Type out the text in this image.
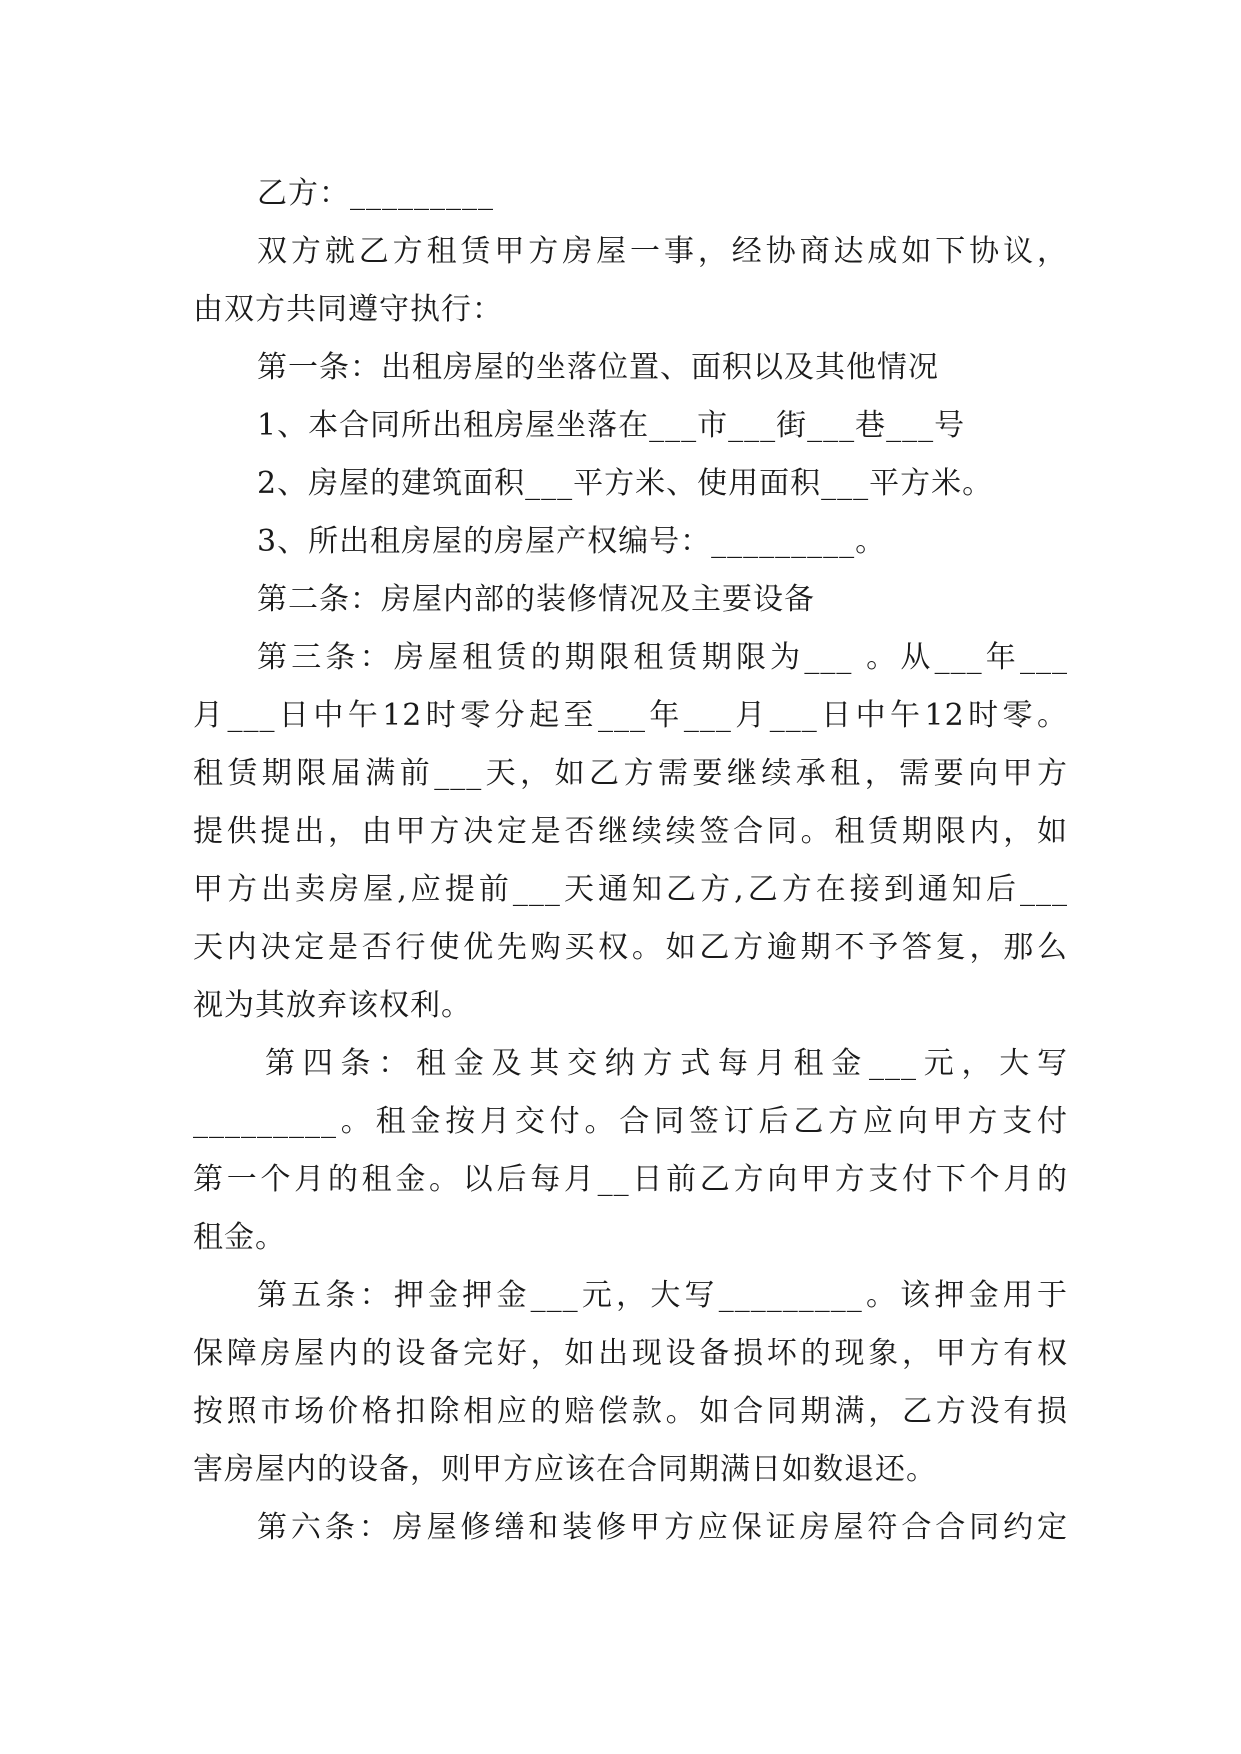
乙方：_________
双方就乙方租赁甲方房屋一事，经协商达成如下协议，
由双方共同遵守执行：
第一条：出租房屋的坐落位置、面积以及其他情况
1、本合同所出租房屋坐落在___市___街___巷___号
2、房屋的建筑面积___平方米、使用面积___平方米。
3、所出租房屋的房屋产权编号：_________。
第二条：房屋内部的装修情况及主要设备
第三条：房屋租赁的期限租赁期限为___ 。从___年___
月___日中午12时零分起至___年___月___日中午12时零。
租赁期限届满前___天，如乙方需要继续承租，需要向甲方
提供提出，由甲方决定是否继续续签合同。租赁期限内，如
甲方出卖房屋,应提前___天通知乙方,乙方在接到通知后___
天内决定是否行使优先购买权。如乙方逾期不予答复，那么
视为其放弃该权利。
第四条：租金及其交纳方式每月租金___元，大写
_________。租金按月交付。合同签订后乙方应向甲方支付
第一个月的租金。以后每月__日前乙方向甲方支付下个月的
租金。
第五条：押金押金___元，大写_________。该押金用于
保障房屋内的设备完好，如出现设备损坏的现象，甲方有权
按照市场价格扣除相应的赔偿款。如合同期满，乙方没有损
害房屋内的设备，则甲方应该在合同期满日如数退还。
第六条：房屋修缮和装修甲方应保证房屋符合合同约定
